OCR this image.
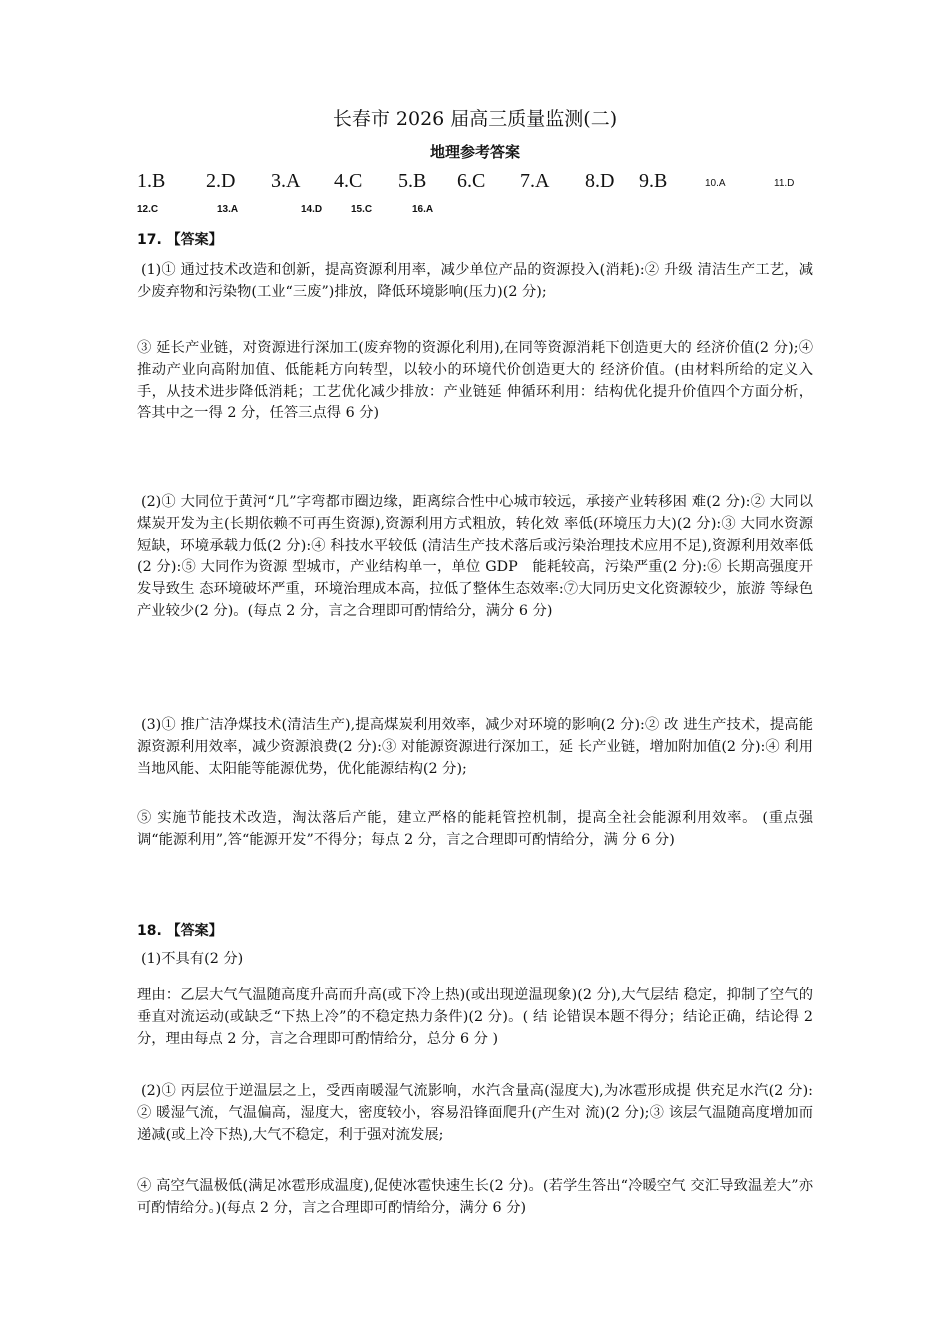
长春市 2026 届高三质量监测(二)
地理参考答案
1.B 2.D 3.A 4.C 5.B 6.C 7.A 8.D 9.B	10.A	11.D
12.C	13.A	14.D	15.C	16.A
17. 【答案】
(1)① 通过技术改造和创新，提高资源利用率，减少单位产品的资源投入(消耗):② 升级 清洁生产工艺，减少废弃物和污染物(工业“三废”)排放，降低环境影响(压力)(2 分);
③ 延长产业链，对资源进行深加工(废弃物的资源化利用),在同等资源消耗下创造更大的 经济价值(2 分);④ 推动产业向高附加值、低能耗方向转型，以较小的环境代价创造更大的 经济价值。(由材料所给的定义入手，从技术进步降低消耗；工艺优化减少排放：产业链延 伸循环利用：结构优化提升价值四个方面分析，答其中之一得 2 分，任答三点得 6 分)
(2)① 大同位于黄河“几”字弯都市圈边缘，距离综合性中心城市较远，承接产业转移困 难(2 分):② 大同以煤炭开发为主(长期依赖不可再生资源),资源利用方式粗放，转化效 率低(环境压力大)(2 分):③ 大同水资源短缺，环境承载力低(2 分):④ 科技水平较低 (清洁生产技术落后或污染治理技术应用不足),资源利用效率低(2 分):⑤ 大同作为资源 型城市，产业结构单一，单位 GDP　能耗较高，污染严重(2 分):⑥ 长期高强度开发导致生 态环境破坏严重，环境治理成本高，拉低了整体生态效率:⑦大同历史文化资源较少，旅游 等绿色产业较少(2 分)。(每点 2 分，言之合理即可酌情给分，满分 6 分)
(3)① 推广洁净煤技术(清洁生产),提高煤炭利用效率，减少对环境的影响(2 分):② 改 进生产技术，提高能源资源利用效率，减少资源浪费(2 分):③ 对能源资源进行深加工，延 长产业链，增加附加值(2 分):④ 利用当地风能、太阳能等能源优势，优化能源结构(2 分);
⑤ 实施节能技术改造，淘汰落后产能，建立严格的能耗管控机制，提高全社会能源利用效率。 (重点强调“能源利用”,答“能源开发”不得分；每点 2 分，言之合理即可酌情给分，满 分 6 分)
18. 【答案】
(1)不具有(2 分)
理由：乙层大气气温随高度升高而升高(或下冷上热)(或出现逆温现象)(2 分),大气层结 稳定，抑制了空气的垂直对流运动(或缺乏“下热上冷”的不稳定热力条件)(2 分)。( 结 论错误本题不得分；结论正确，结论得 2 分，理由每点 2 分，言之合理即可酌情给分，总分 6 分 )
(2)① 丙层位于逆温层之上，受西南暖湿气流影响，水汽含量高(湿度大),为冰雹形成提 供充足水汽(2 分):② 暖湿气流，气温偏高，湿度大，密度较小，容易沿锋面爬升(产生对 流)(2 分);③ 该层气温随高度增加而递减(或上冷下热),大气不稳定，利于强对流发展;
④ 高空气温极低(满足冰雹形成温度),促使冰雹快速生长(2 分)。(若学生答出“冷暖空气 交汇导致温差大”亦可酌情给分。)(每点 2 分，言之合理即可酌情给分，满分 6 分)
